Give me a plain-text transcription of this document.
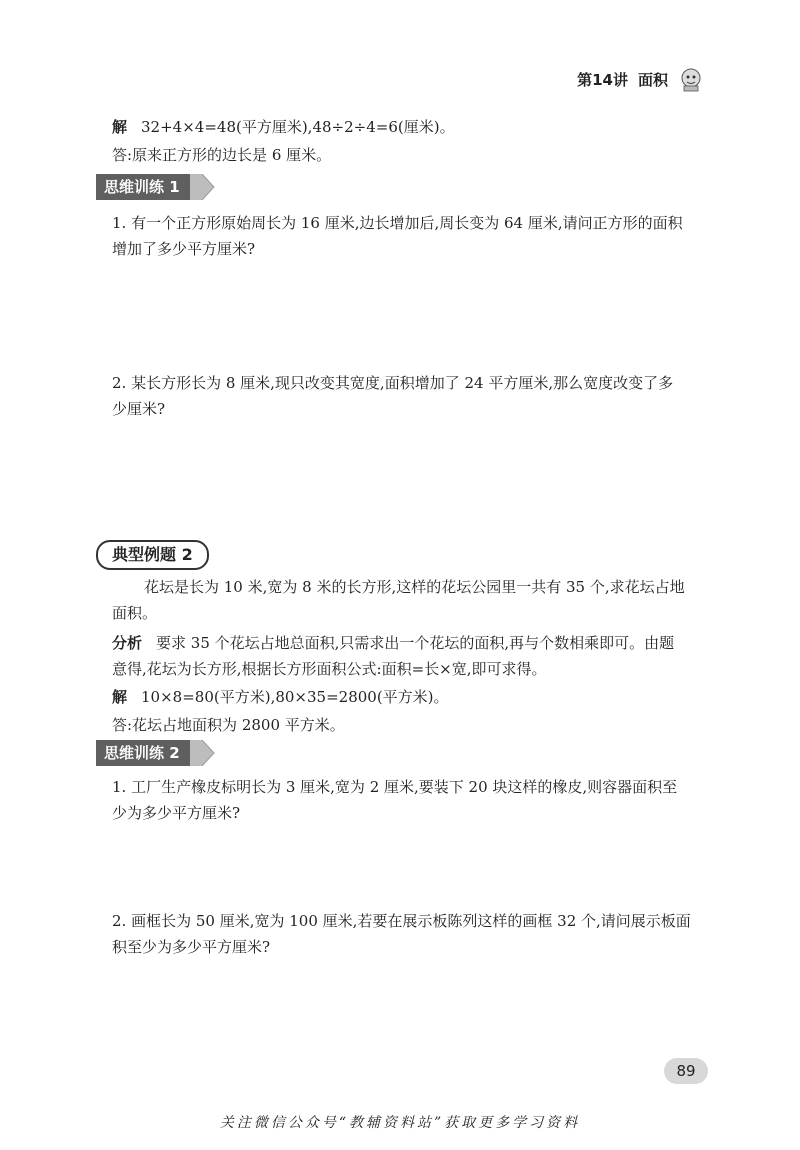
第14讲 面积
解 32+4×4=48(平方厘米),48÷2÷4=6(厘米)。
答:原来正方形的边长是 6 厘米。
思维训练 1
1. 有一个正方形原始周长为 16 厘米,边长增加后,周长变为 64 厘米,请问正方形的面积
增加了多少平方厘米?
2. 某长方形长为 8 厘米,现只改变其宽度,面积增加了 24 平方厘米,那么宽度改变了多
少厘米?
典型例题 2
花坛是长为 10 米,宽为 8 米的长方形,这样的花坛公园里一共有 35 个,求花坛占地
面积。
分析 要求 35 个花坛占地总面积,只需求出一个花坛的面积,再与个数相乘即可。由题
意得,花坛为长方形,根据长方形面积公式:面积=长×宽,即可求得。
解 10×8=80(平方米),80×35=2800(平方米)。
答:花坛占地面积为 2800 平方米。
思维训练 2
1. 工厂生产橡皮标明长为 3 厘米,宽为 2 厘米,要装下 20 块这样的橡皮,则容器面积至
少为多少平方厘米?
2. 画框长为 50 厘米,宽为 100 厘米,若要在展示板陈列这样的画框 32 个,请问展示板面
积至少为多少平方厘米?
89
关注微信公众号“教辅资料站”获取更多学习资料
